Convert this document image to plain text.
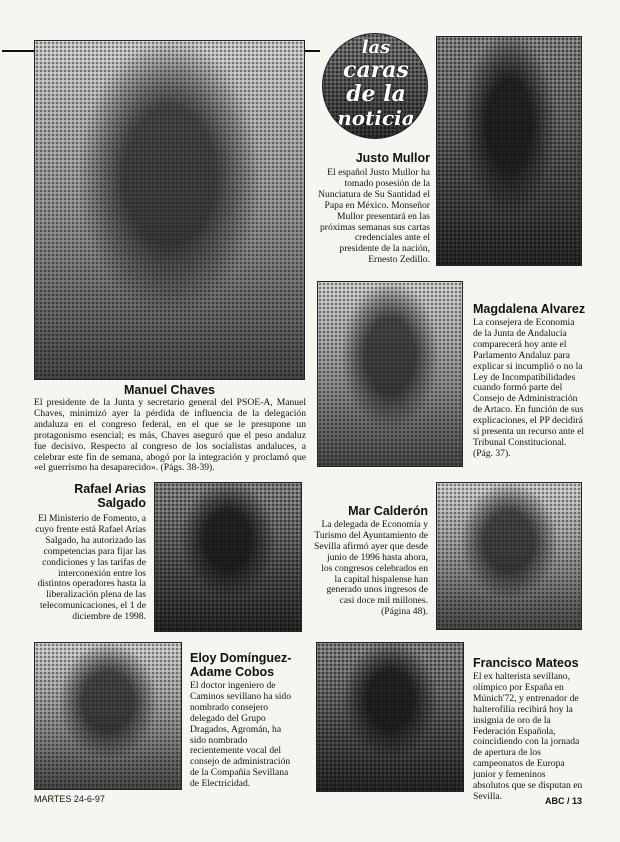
las
caras
de la
noticia
Manuel Chaves
El presidente de la Junta y secretario general del PSOE-A, Manuel Chaves, minimizó ayer la pérdida de influencia de la delegación andaluza en el congreso federal, en el que se le presupone un protagonismo esencial; es más, Chaves aseguró que el peso andaluz fue decisivo. Respecto al congreso de los socialistas andaluces, a celebrar este fin de semana, abogó por la integración y proclamó que «el guerrismo ha desaparecido». (Págs. 38-39).
Justo Mullor
El español Justo Mullor ha tomado posesión de la Nunciatura de Su Santidad el Papa en México. Monseñor Mullor presentará en las próximas semanas sus cartas credenciales ante el presidente de la nación, Ernesto Zedillo.
Magdalena Alvarez
La consejera de Economía de la Junta de Andalucía comparecerá hoy ante el Parlamento Andaluz para explicar si incumplió o no la Ley de Incompatibilidades cuando formó parte del Consejo de Administración de Artaco. En función de sus explicaciones, el PP decidirá si presenta un recurso ante el Tribunal Constitucional. (Pág. 37).
Rafael Arias
Salgado
El Ministerio de Fomento, a cuyo frente está Rafael Arias Salgado, ha autorizado las competencias para fijar las condiciones y las tarifas de interconexión entre los distintos operadores hasta la liberalización plena de las telecomunicaciones, el 1 de diciembre de 1998.
Mar Calderón
La delegada de Economía y Turismo del Ayuntamiento de Sevilla afirmó ayer que desde junio de 1996 hasta ahora, los congresos celebrados en la capital hispalense han generado unos ingresos de casi doce mil millones. (Página 48).
Eloy Domínguez-
Adame Cobos
El doctor ingeniero de Caminos sevillano ha sido nombrado consejero delegado del Grupo Dragados, Agromán, ha sido nombrado recientemente vocal del consejo de administración de la Compañía Sevillana de Electricidad.
Francisco Mateos
El ex halterista sevillano, olímpico por España en Múnich'72, y entrenador de halterofilia recibirá hoy la insignia de oro de la Federación Española, coincidiendo con la jornada de apertura de los campeonatos de Europa junior y femeninos absolutos que se disputan en Sevilla.
MARTES 24-6-97	ABC / 13
